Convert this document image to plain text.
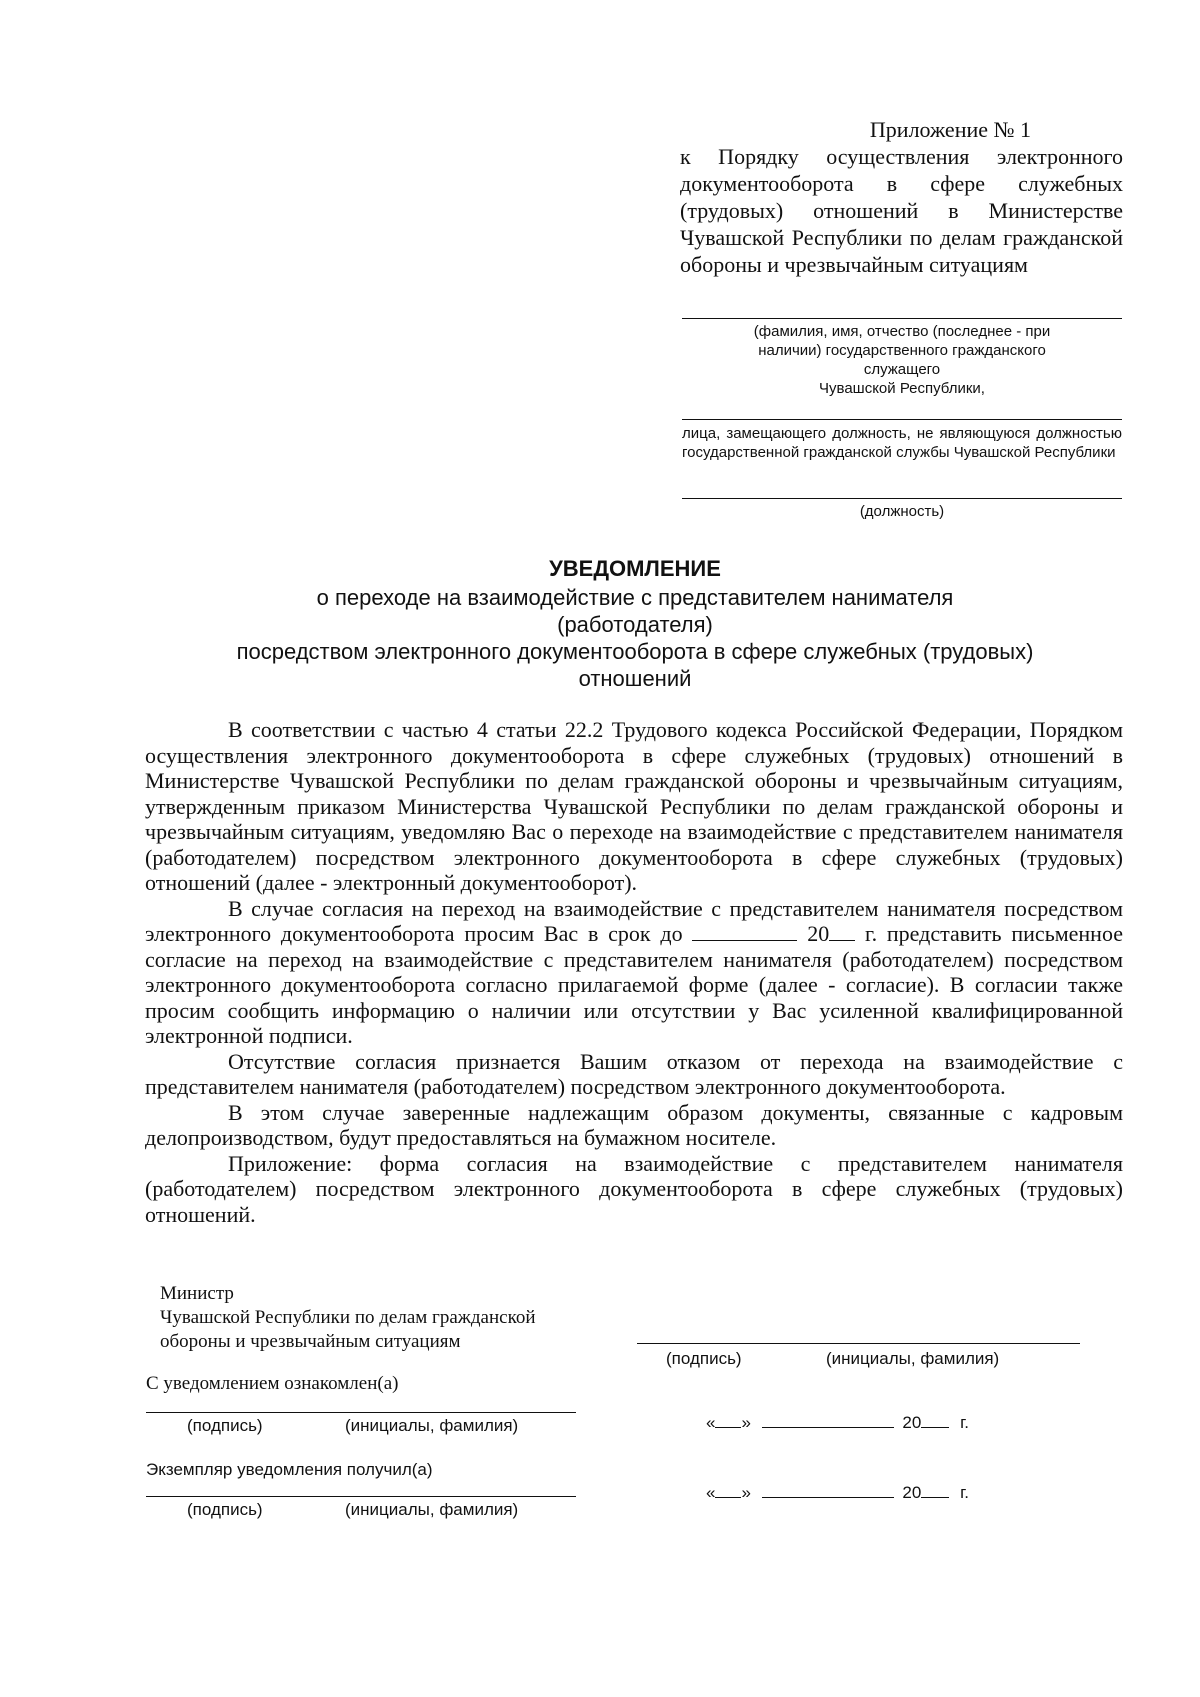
Приложение № 1
к Порядку осуществления электронного документооборота в сфере служебных (трудовых) отношений в Министерстве Чувашской Республики по делам гражданской обороны и чрезвычайным ситуациям
(фамилия, имя, отчество (последнее - при
наличии) государственного гражданского
служащего
Чувашской Республики,
лица, замещающего должность, не являющуюся должностью государственной гражданской службы Чувашской Республики
(должность)
УВЕДОМЛЕНИЕ
о переходе на взаимодействие с представителем нанимателя
(работодателя)
посредством электронного документооборота в сфере служебных (трудовых)
отношений

В соответствии с частью 4 статьи 22.2 Трудового кодекса Российской Федерации, Порядком осуществления электронного документооборота в сфере служебных (трудовых) отношений в Министерстве Чувашской Республики по делам гражданской обороны и чрезвычайным ситуациям, утвержденным приказом Министерства Чувашской Республики по делам гражданской обороны и чрезвычайным ситуациям, уведомляю Вас о переходе на взаимодействие с представителем нанимателя (работодателем) посредством электронного документооборота в сфере служебных (трудовых) отношений (далее - электронный документооборот).

В случае согласия на переход на взаимодействие с представителем нанимателя посредством электронного документооборота просим Вас в срок до	20 г. представить письменное согласие на переход на взаимодействие с представителем нанимателя (работодателем) посредством электронного документооборота согласно прилагаемой форме (далее - согласие). В согласии также просим сообщить информацию о наличии или отсутствии у Вас усиленной квалифицированной электронной подписи.

Отсутствие согласия признается Вашим отказом от перехода на взаимодействие с представителем нанимателя (работодателем) посредством электронного документооборота.

В этом случае заверенные надлежащим образом документы, связанные с кадровым делопроизводством, будут предоставляться на бумажном носителе.

Приложение: форма согласия на взаимодействие с представителем нанимателя (работодателем) посредством электронного документооборота в сфере служебных (трудовых) отношений.

Министр
Чувашской Республики по делам гражданской
обороны и чрезвычайным ситуациям
(подпись)	(инициалы, фамилия)
С уведомлением ознакомлен(а)
(подпись)	(инициалы, фамилия)	« »	20 г.
Экземпляр уведомления получил(а)
(подпись)	(инициалы, фамилия)
« »	20 г.
